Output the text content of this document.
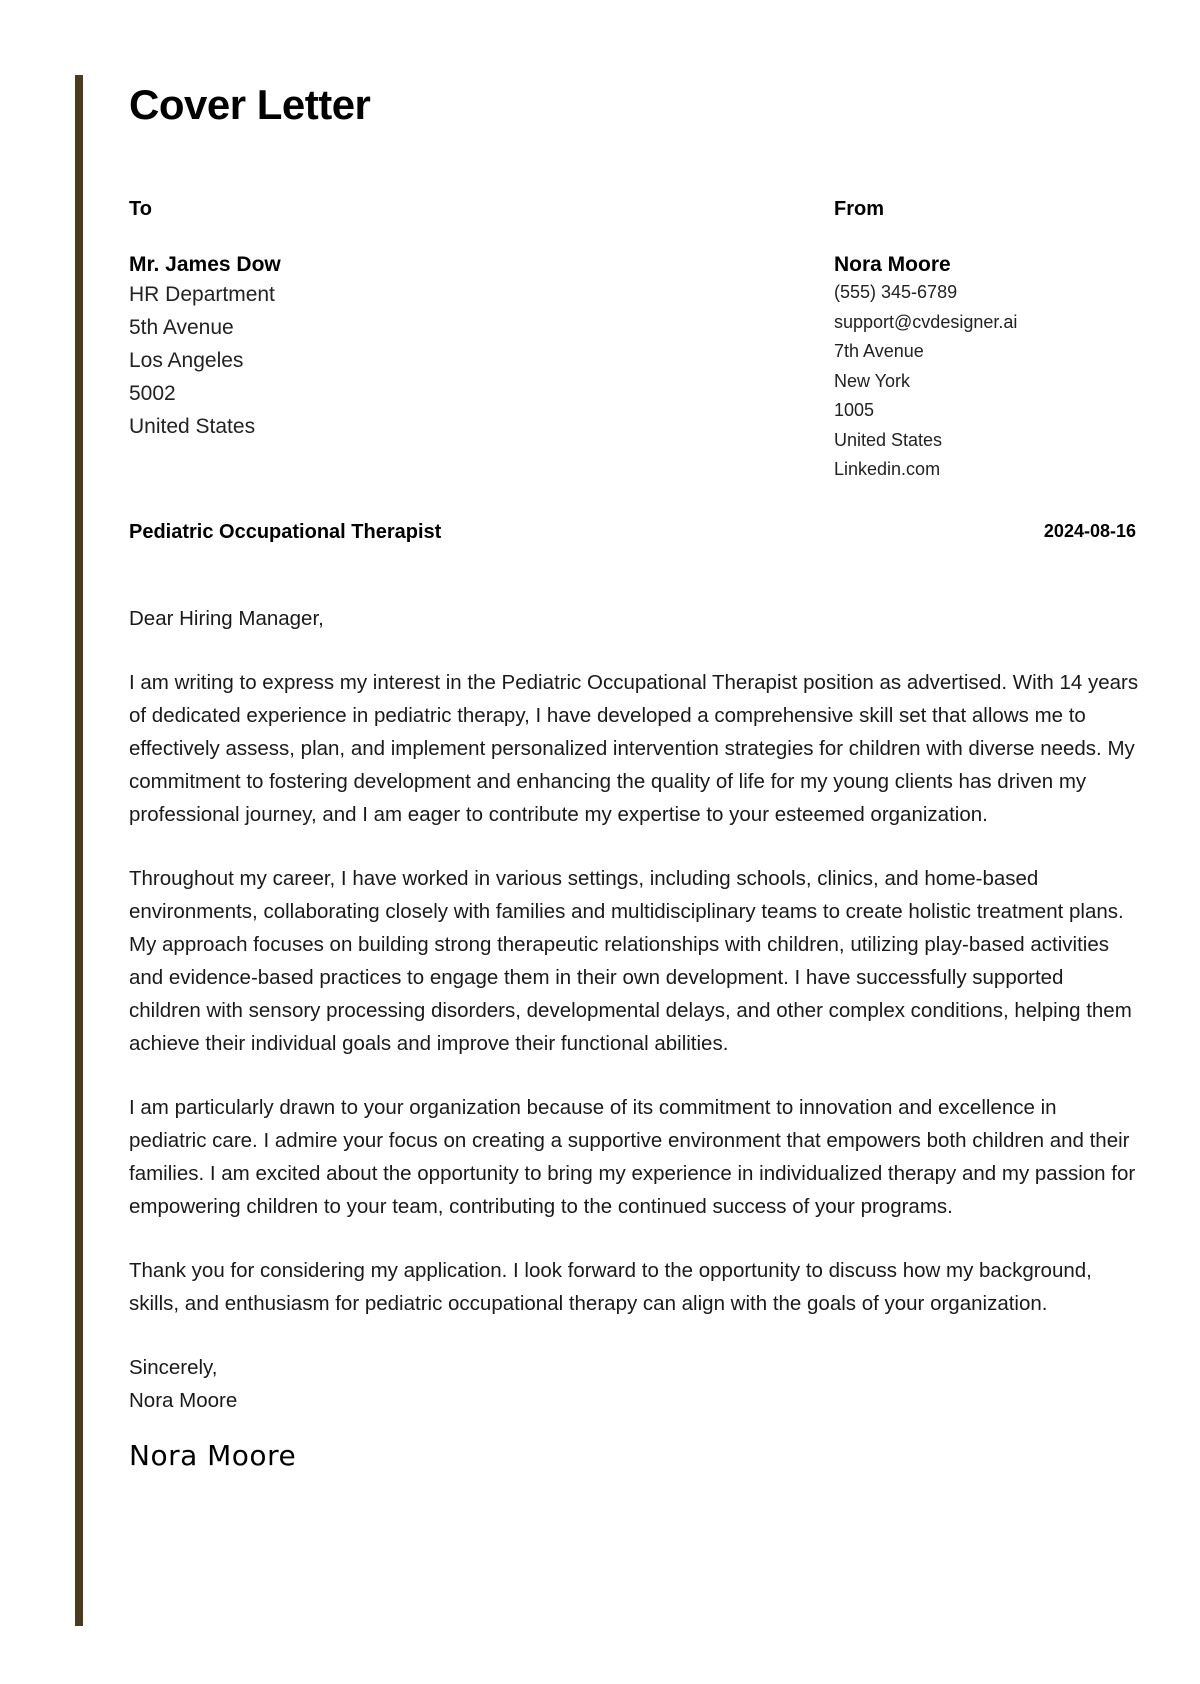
Cover Letter
To
Mr. James Dow
HR Department
5th Avenue
Los Angeles
5002
United States
From
Nora Moore
(555) 345-6789
support@cvdesigner.ai
7th Avenue
New York
1005
United States
Linkedin.com
Pediatric Occupational Therapist	2024-08-16

Dear Hiring Manager,

I am writing to express my interest in the Pediatric Occupational Therapist position as advertised. With 14 years of dedicated experience in pediatric therapy, I have developed a comprehensive skill set that allows me to effectively assess, plan, and implement personalized intervention strategies for children with diverse needs. My commitment to fostering development and enhancing the quality of life for my young clients has driven my professional journey, and I am eager to contribute my expertise to your esteemed organization.

Throughout my career, I have worked in various settings, including schools, clinics, and home-based environments, collaborating closely with families and multidisciplinary teams to create holistic treatment plans. My approach focuses on building strong therapeutic relationships with children, utilizing play-based activities and evidence-based practices to engage them in their own development. I have successfully supported children with sensory processing disorders, developmental delays, and other complex conditions, helping them achieve their individual goals and improve their functional abilities.

I am particularly drawn to your organization because of its commitment to innovation and excellence in pediatric care. I admire your focus on creating a supportive environment that empowers both children and their families. I am excited about the opportunity to bring my experience in individualized therapy and my passion for empowering children to your team, contributing to the continued success of your programs.

Thank you for considering my application. I look forward to the opportunity to discuss how my background, skills, and enthusiasm for pediatric occupational therapy can align with the goals of your organization.

Sincerely,
Nora Moore
Nora Moore
